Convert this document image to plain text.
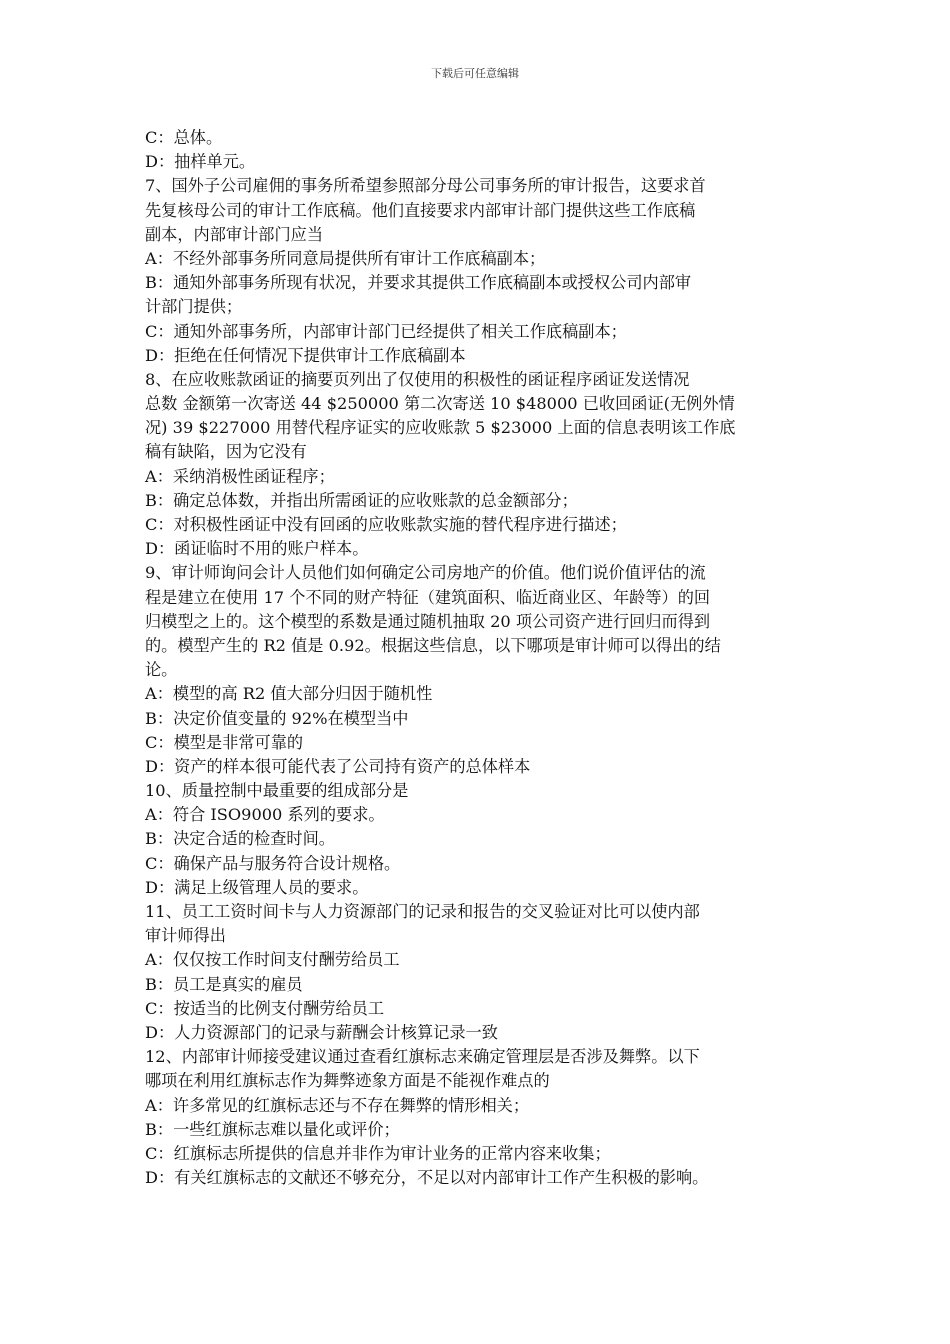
下载后可任意编辑
C：总体。
D：抽样单元。
7、国外子公司雇佣的事务所希望参照部分母公司事务所的审计报告，这要求首
先复核母公司的审计工作底稿。他们直接要求内部审计部门提供这些工作底稿
副本，内部审计部门应当
A：不经外部事务所同意局提供所有审计工作底稿副本；
B：通知外部事务所现有状况，并要求其提供工作底稿副本或授权公司内部审
计部门提供；
C：通知外部事务所，内部审计部门已经提供了相关工作底稿副本；
D：拒绝在任何情况下提供审计工作底稿副本
8、在应收账款函证的摘要页列出了仅使用的积极性的函证程序函证发送情况
总数 金额第一次寄送 44 $250000 第二次寄送 10 $48000 已收回函证(无例外情
况) 39 $227000 用替代程序证实的应收账款 5 $23000 上面的信息表明该工作底
稿有缺陷，因为它没有
A：采纳消极性函证程序；
B：确定总体数，并指出所需函证的应收账款的总金额部分；
C：对积极性函证中没有回函的应收账款实施的替代程序进行描述；
D：函证临时不用的账户样本。
9、审计师询问会计人员他们如何确定公司房地产的价值。他们说价值评估的流
程是建立在使用 17 个不同的财产特征（建筑面积、临近商业区、年龄等）的回
归模型之上的。这个模型的系数是通过随机抽取 20 项公司资产进行回归而得到
的。模型产生的 R2 值是 0.92。根据这些信息，以下哪项是审计师可以得出的结
论。
A：模型的高 R2 值大部分归因于随机性
B：决定价值变量的 92%在模型当中
C：模型是非常可靠的
D：资产的样本很可能代表了公司持有资产的总体样本
10、质量控制中最重要的组成部分是
A：符合 ISO9000 系列的要求。
B：决定合适的检查时间。
C：确保产品与服务符合设计规格。
D：满足上级管理人员的要求。
11、员工工资时间卡与人力资源部门的记录和报告的交叉验证对比可以使内部
审计师得出
A：仅仅按工作时间支付酬劳给员工
B：员工是真实的雇员
C：按适当的比例支付酬劳给员工
D：人力资源部门的记录与薪酬会计核算记录一致
12、内部审计师接受建议通过查看红旗标志来确定管理层是否涉及舞弊。以下
哪项在利用红旗标志作为舞弊迹象方面是不能视作难点的
A：许多常见的红旗标志还与不存在舞弊的情形相关；
B：一些红旗标志难以量化或评价；
C：红旗标志所提供的信息并非作为审计业务的正常内容来收集；
D：有关红旗标志的文献还不够充分，不足以对内部审计工作产生积极的影响。
